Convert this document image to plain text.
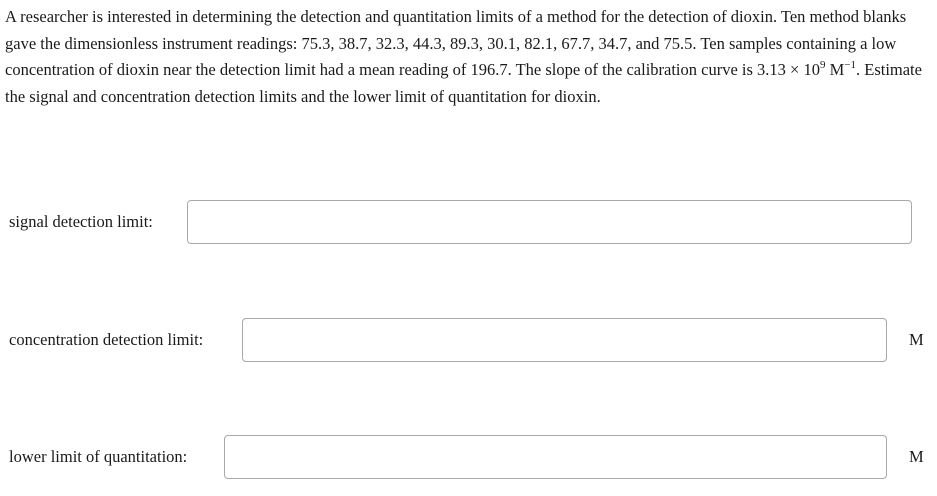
A researcher is interested in determining the detection and quantitation limits of a method for the detection of dioxin. Ten method blanks gave the dimensionless instrument readings: 75.3, 38.7, 32.3, 44.3, 89.3, 30.1, 82.1, 67.7, 34.7, and 75.5. Ten samples containing a low concentration of dioxin near the detection limit had a mean reading of 196.7. The slope of the calibration curve is $3.13 \times 10^9$ $M^{-1}$. Estimate the signal and concentration detection limits and the lower limit of quantitation for dioxin.
signal detection limit:
concentration detection limit:	M
lower limit of quantitation:	M
